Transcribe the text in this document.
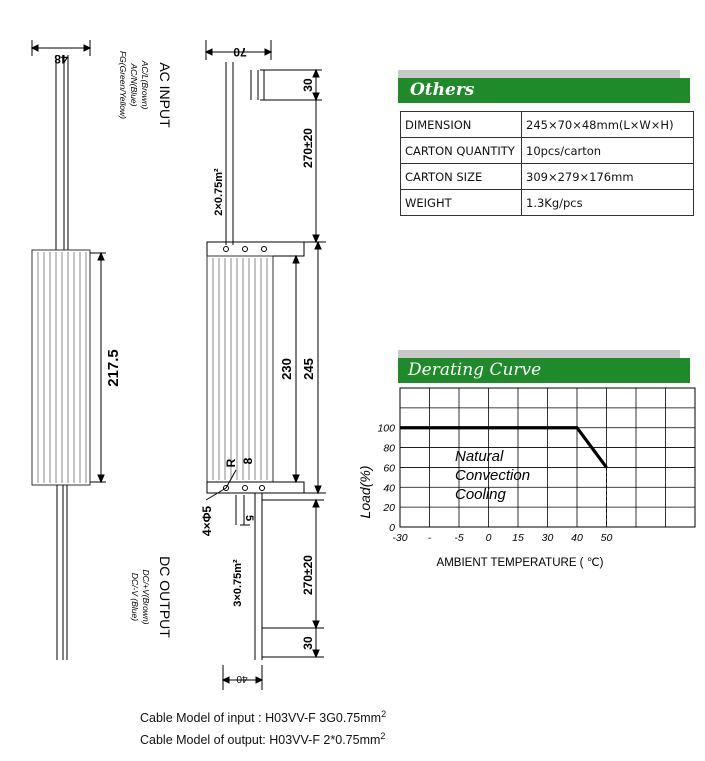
48
217.5
AC INPUT
AC/L(Brown)
AC/N(Blue)
FG(Green/Yellow)
DC OUTPUT
DC/+V(Brown)
DC/-V (Blue)
70
30
270±20
2×0.75m²
230 245
R 8
4×Φ5	5
3×0.75m²	270±20
30
40
Others
DIMENSION	245×70×48mm(L×W×H)
CARTON QUANTITY	10pcs/carton
CARTON SIZE	309×279×176mm
WEIGHT	1.3Kg/pcs
Derating Curve
0
20
40
60
80
100
-30 - -5 0 15 30 40 50
Natural
Convection
Cooling
Load(%)
AMBIENT TEMPERATURE ( ℃)
Cable Model of input : H03VV-F $3G0.75mm^2$
Cable Model of output: H03VV-F $2*0.75mm^2$
